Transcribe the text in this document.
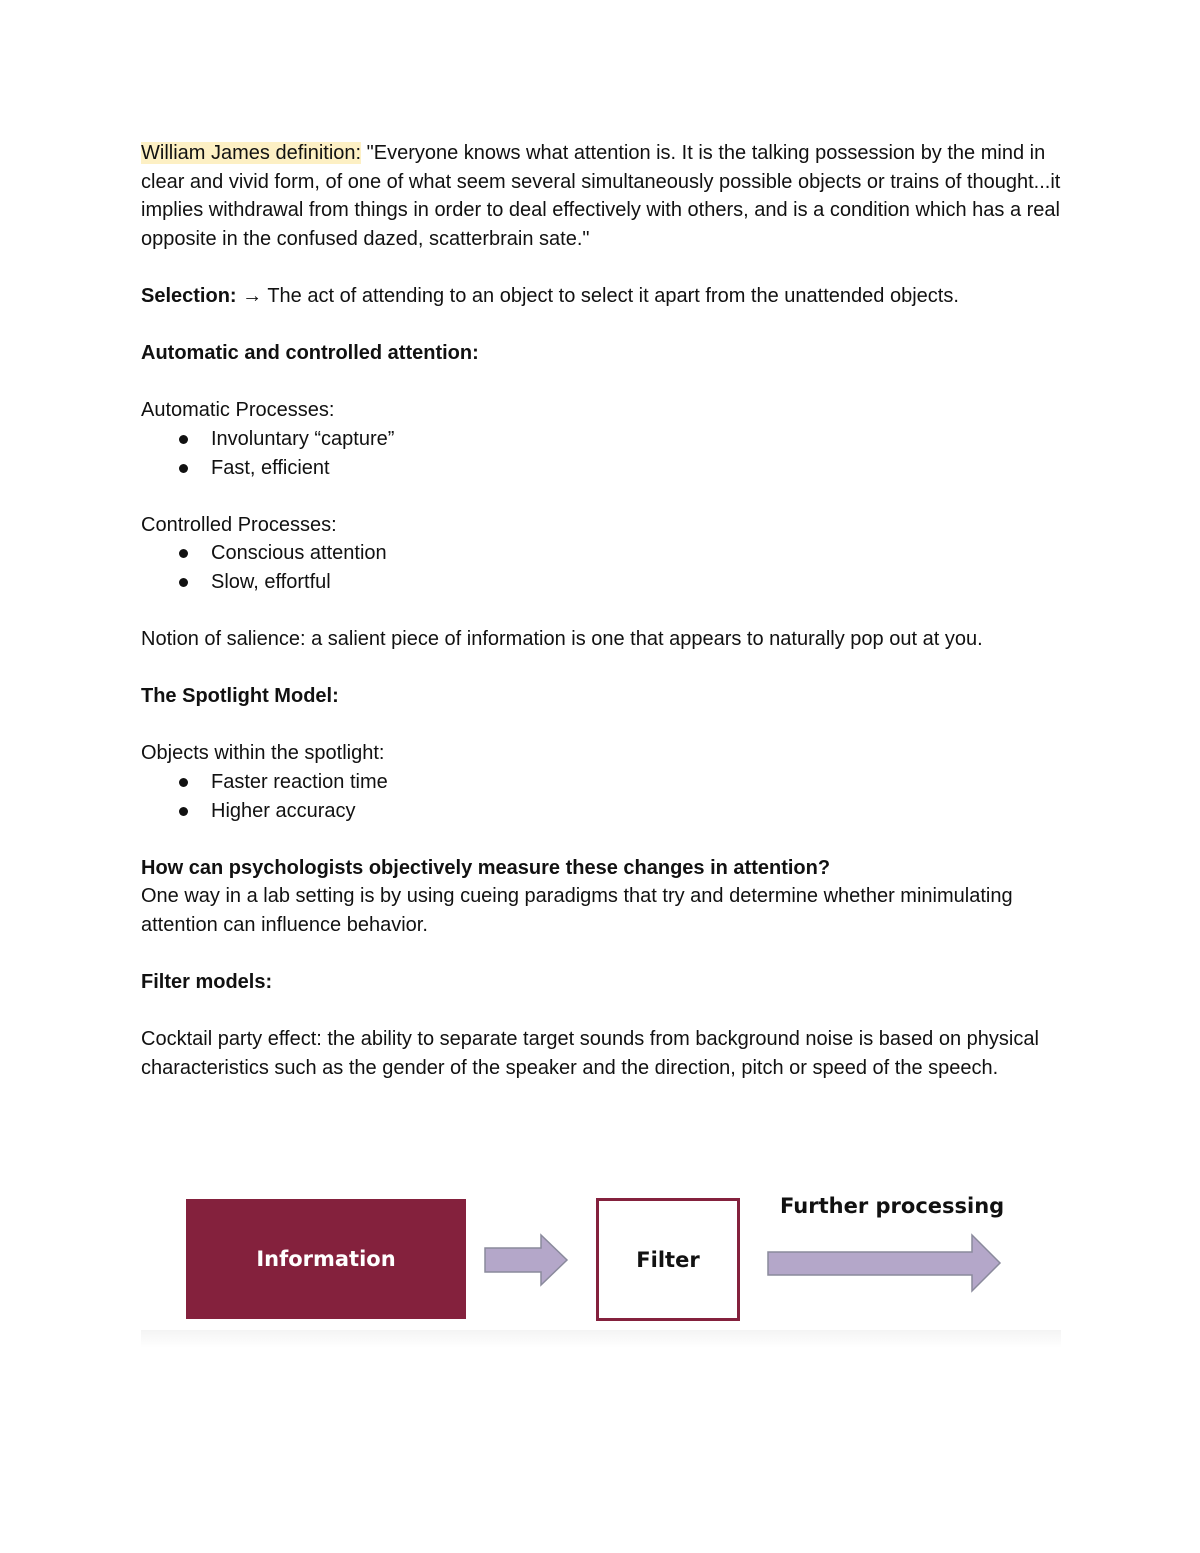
William James definition: "Everyone knows what attention is. It is the talking possession by the mind in clear and vivid form, of one of what seem several simultaneously possible objects or trains of thought...it implies withdrawal from things in order to deal effectively with others, and is a condition which has a real opposite in the confused dazed, scatterbrain sate."

Selection: → The act of attending to an object to select it apart from the unattended objects.

Automatic and controlled attention:

Automatic Processes:

Involuntary “capture”
Fast, efficient

Controlled Processes:

Conscious attention
Slow, effortful

Notion of salience: a salient piece of information is one that appears to naturally pop out at you.

The Spotlight Model:

Objects within the spotlight:

Faster reaction time
Higher accuracy

How can psychologists objectively measure these changes in attention?

One way in a lab setting is by using cueing paradigms that try and determine whether minimulating attention can influence behavior.

Filter models:

Cocktail party effect: the ability to separate target sounds from background noise is based on physical characteristics such as the gender of the speaker and the direction, pitch or speed of the speech.

Information	Filter
Further processing
